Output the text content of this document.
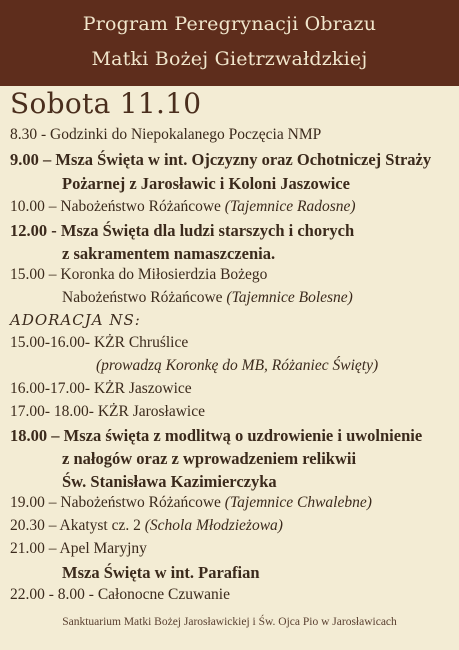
Program Peregrynacji Obrazu
Matki Bożej Gietrzwałdzkiej
Sobota 11.10
8.30 - Godzinki do Niepokalanego Poczęcia NMP
9.00 – Msza Święta w int. Ojczyzny oraz Ochotniczej Straży
Pożarnej z Jarosławic i Koloni Jaszowice
10.00 – Nabożeństwo Różańcowe (Tajemnice Radosne)
12.00 - Msza Święta dla ludzi starszych i chorych
z sakramentem namaszczenia.
15.00 – Koronka do Miłosierdzia Bożego
Nabożeństwo Różańcowe (Tajemnice Bolesne)
ADORACJA NS:
15.00-16.00- KŻR Chruślice
(prowadzą Koronkę do MB, Różaniec Święty)
16.00-17.00- KŻR Jaszowice
17.00- 18.00- KŻR Jarosławice
18.00 – Msza święta z modlitwą o uzdrowienie i uwolnienie
z nałogów oraz z wprowadzeniem relikwii
Św. Stanisława Kazimierczyka
19.00 – Nabożeństwo Różańcowe (Tajemnice Chwalebne)
20.30 – Akatyst cz. 2 (Schola Młodzieżowa)
21.00 – Apel Maryjny
Msza Święta w int. Parafian
22.00 - 8.00 - Całonocne Czuwanie
Sanktuarium Matki Bożej Jarosławickiej i Św. Ojca Pio w Jarosławicach
